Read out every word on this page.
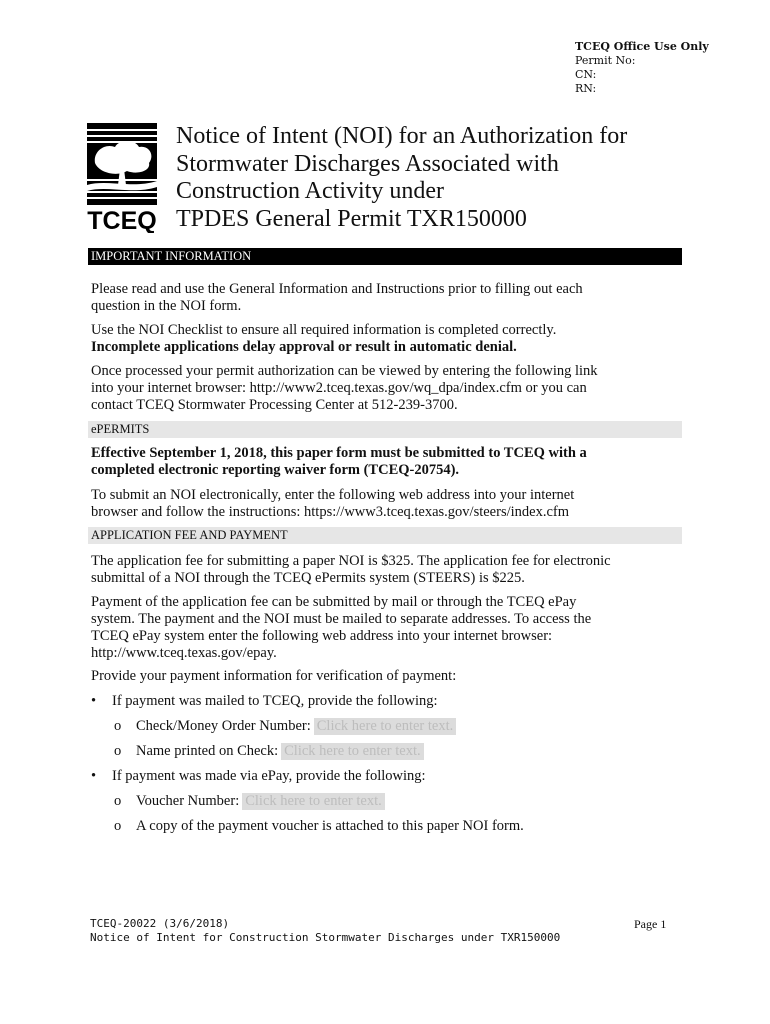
TCEQ Office Use Only
Permit No:
CN:
RN:
TCEQ
Notice of Intent (NOI) for an Authorization for
Stormwater Discharges Associated with
Construction Activity under
TPDES General Permit TXR150000
IMPORTANT INFORMATION
Please read and use the General Information and Instructions prior to filling out each
question in the NOI form.
Use the NOI Checklist to ensure all required information is completed correctly.
Incomplete applications delay approval or result in automatic denial.
Once processed your permit authorization can be viewed by entering the following link
into your internet browser: http://www2.tceq.texas.gov/wq_dpa/index.cfm or you can
contact TCEQ Stormwater Processing Center at 512-239-3700.
ePERMITS
Effective September 1, 2018, this paper form must be submitted to TCEQ with a
completed electronic reporting waiver form (TCEQ-20754).
To submit an NOI electronically, enter the following web address into your internet
browser and follow the instructions: https://www3.tceq.texas.gov/steers/index.cfm
APPLICATION FEE AND PAYMENT
The application fee for submitting a paper NOI is $325. The application fee for electronic
submittal of a NOI through the TCEQ ePermits system (STEERS) is $225.
Payment of the application fee can be submitted by mail or through the TCEQ ePay
system. The payment and the NOI must be mailed to separate addresses. To access the
TCEQ ePay system enter the following web address into your internet browser:
http://www.tceq.texas.gov/epay.
Provide your payment information for verification of payment:
• If payment was mailed to TCEQ, provide the following:
o Check/Money Order Number: Click here to enter text.
o Name printed on Check: Click here to enter text.
• If payment was made via ePay, provide the following:
o Voucher Number: Click here to enter text.
o A copy of the payment voucher is attached to this paper NOI form.
TCEQ-20022 (3/6/2018)
Notice of Intent for Construction Stormwater Discharges under TXR150000
Page 1
